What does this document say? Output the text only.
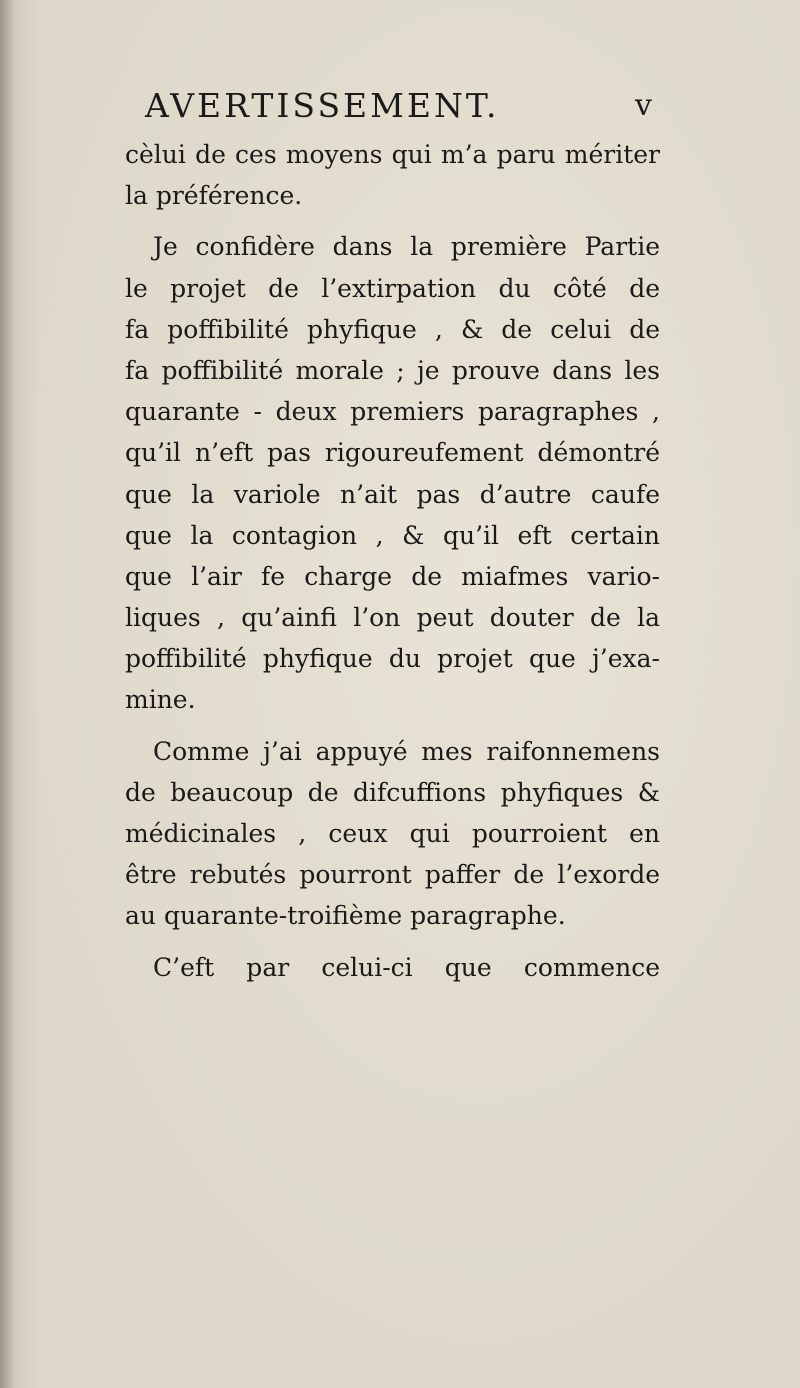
AVERTISSEMENT.	v
cèlui de ces moyens qui m’a paru mériter
la préférence.
Je confidère dans la première Partie
le projet de l’extirpation du côté de
fa poffibilité phyfique , & de celui de
fa poffibilité morale ; je prouve dans les
quarante - deux premiers paragraphes ,
qu’il n’eft pas rigoureufement démontré
que la variole n’ait pas d’autre caufe
que la contagion , & qu’il eft certain
que l’air fe charge de miafmes vario-
liques , qu’ainfi l’on peut douter de la
poffibilité phyfique du projet que j’exa-
mine.
Comme j’ai appuyé mes raifonnemens
de beaucoup de difcuffions phyfiques &
médicinales , ceux qui pourroient en
être rebutés pourront paffer de l’exorde
au quarante-troifième paragraphe.
C’eft par celui-ci que commence
